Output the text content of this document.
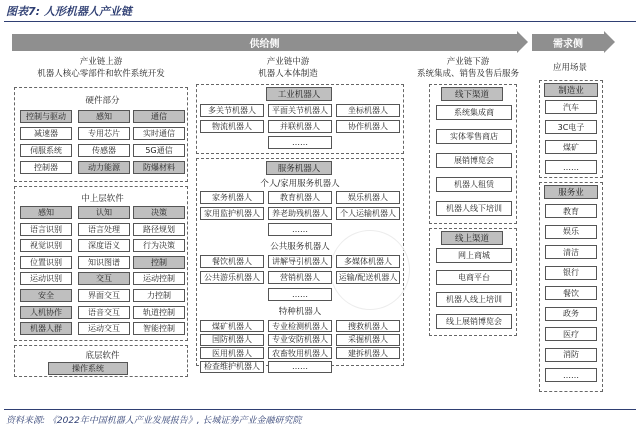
图表7: 人形机器人产业链
供给侧	需求侧
产业链上游
机器人核心零部件和软件系统开发
产业链中游
机器人本体制造
产业链下游
系统集成、销售及售后服务
应用场景
硬件部分
控制与驱动	感知	通信
减速器	专用芯片	实时通信
伺服系统	传感器	5G通信
控制器	动力能源	防爆材料
中上层软件
感知	认知	决策
语言识别	语言处理	路径规划
视觉识别	深度语义	行为决策
位置识别	知识图谱	控制
运动识别	交互	运动控制
安全	界面交互	力控制
人机协作	语音交互	轨道控制
机器人群	运动交互	智能控制
底层软件
操作系统
工业机器人
多关节机器人	平面关节机器人	坐标机器人
物流机器人	并联机器人	协作机器人
……
服务机器人
个人/家用服务机器人
家务机器人	教育机器人	娱乐机器人
家用监护机器人	养老助残机器人	个人运输机器人
……
公共服务机器人
餐饮机器人	讲解导引机器人	多媒体机器人
公共游乐机器人	营销机器人	运输/配送机器人
……
特种机器人
煤矿机器人	专业检测机器人	搜救机器人
国防机器人	专业安防机器人	采掘机器人
医用机器人	农畜牧用机器人	建拆机器人
检查维护机器人	……
线下渠道
系统集成商
实体零售商店
展销博览会
机器人租赁
机器人线下培训
线上渠道
网上商城
电商平台
机器人线上培训
线上展销博览会
制造业
汽车
3C电子
煤矿
……
服务业
教育
娱乐
清洁
银行
餐饮
政务
医疗
消防
……
资料来源: 《2022年中国机器人产业发展报告》, 长城证券产业金融研究院
